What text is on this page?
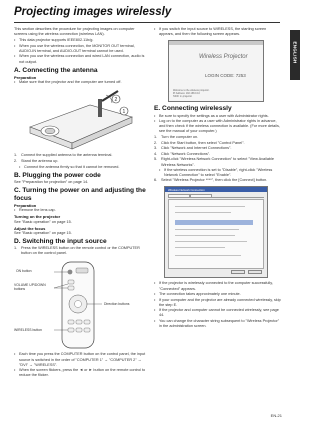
Projecting images wirelessly
ENGLISH
This section describes the procedure for projecting images on computer screens using the wireless connection (wireless LAN).
• This data projector supports IEEE802.11b/g.
• When you use the wireless connection, the MONITOR OUT terminal, AUDIO-IN terminal, and AUDIO-OUT terminal cannot be used.
• When you use the wireless connection and wired LAN connection, audio is not output.
A. Connecting the antenna
Preparation
• Make sure that the projector and the computer are turned off.
2
1
1. Connect the supplied antenna to the antenna terminal.
2. Stand the antenna up.
• Connect the antenna firmly so that it cannot be removed.
B. Plugging the power code
See "Preparation for projection" on page 14.
C. Turning the power on and adjusting the focus
Preparation
• Remove the lens cap.
Turning on the projector
See "Basic operation" on page 15.
Adjust the focus
See "Basic operation" on page 15.
D. Switching the input source
1. Press the WIRELESS button on the remote control or the COMPUTER button on the control panel.
ON button
VOLUME UP/DOWN buttons
Direction buttons
WIRELESS button
• Each time you press the COMPUTER button on the control panel, the input source is switched in the order of "COMPUTER 1" → "COMPUTER 2" → "DVI" → "WIRELESS".
• When the screen flickers, press the ◄ or ► button on the remote control to reduce the flicker.
• If you switch the input source to WIRELESS, the starting screen appears, and then the following screen appears.
Wireless Projector
LOGIN CODE: 7253
Welcome to the wireless projector.
IP Address: 192.168.0.10
SSID: m-projector
E. Connecting wirelessly
• Be sure to specify the settings as a user with Administrator rights.
• Log on to the computer as a user with Administrator rights in advance, and then check if the wireless connection is available. (For more details, see the manual of your computer.)
1. Turn the computer on.
2. Click the Start button, then select "Control Panel".
3. Click "Network and Internet Connections".
4. Click "Network Connections".
5. Right-click "Wireless Network Connection" to select "View Available Wireless Networks".
• If the wireless connection is set to "Disable", right-click "Wireless Network Connection" to select "Enable".
6. Select "Wireless Projector ****", then click the [Connect] button.
Wireless Network Connection
• If the projector is wirelessly connected to the computer successfully, "Connected" appears.
• The connection takes approximately one minute.
• If your computer and the projector are already connected wirelessly, skip the step E.
• If the projector and computer cannot be connected wirelessly, see page 44.
• You can change the character string subsequent to "Wireless Projector" in the administration screen.
EN-21
